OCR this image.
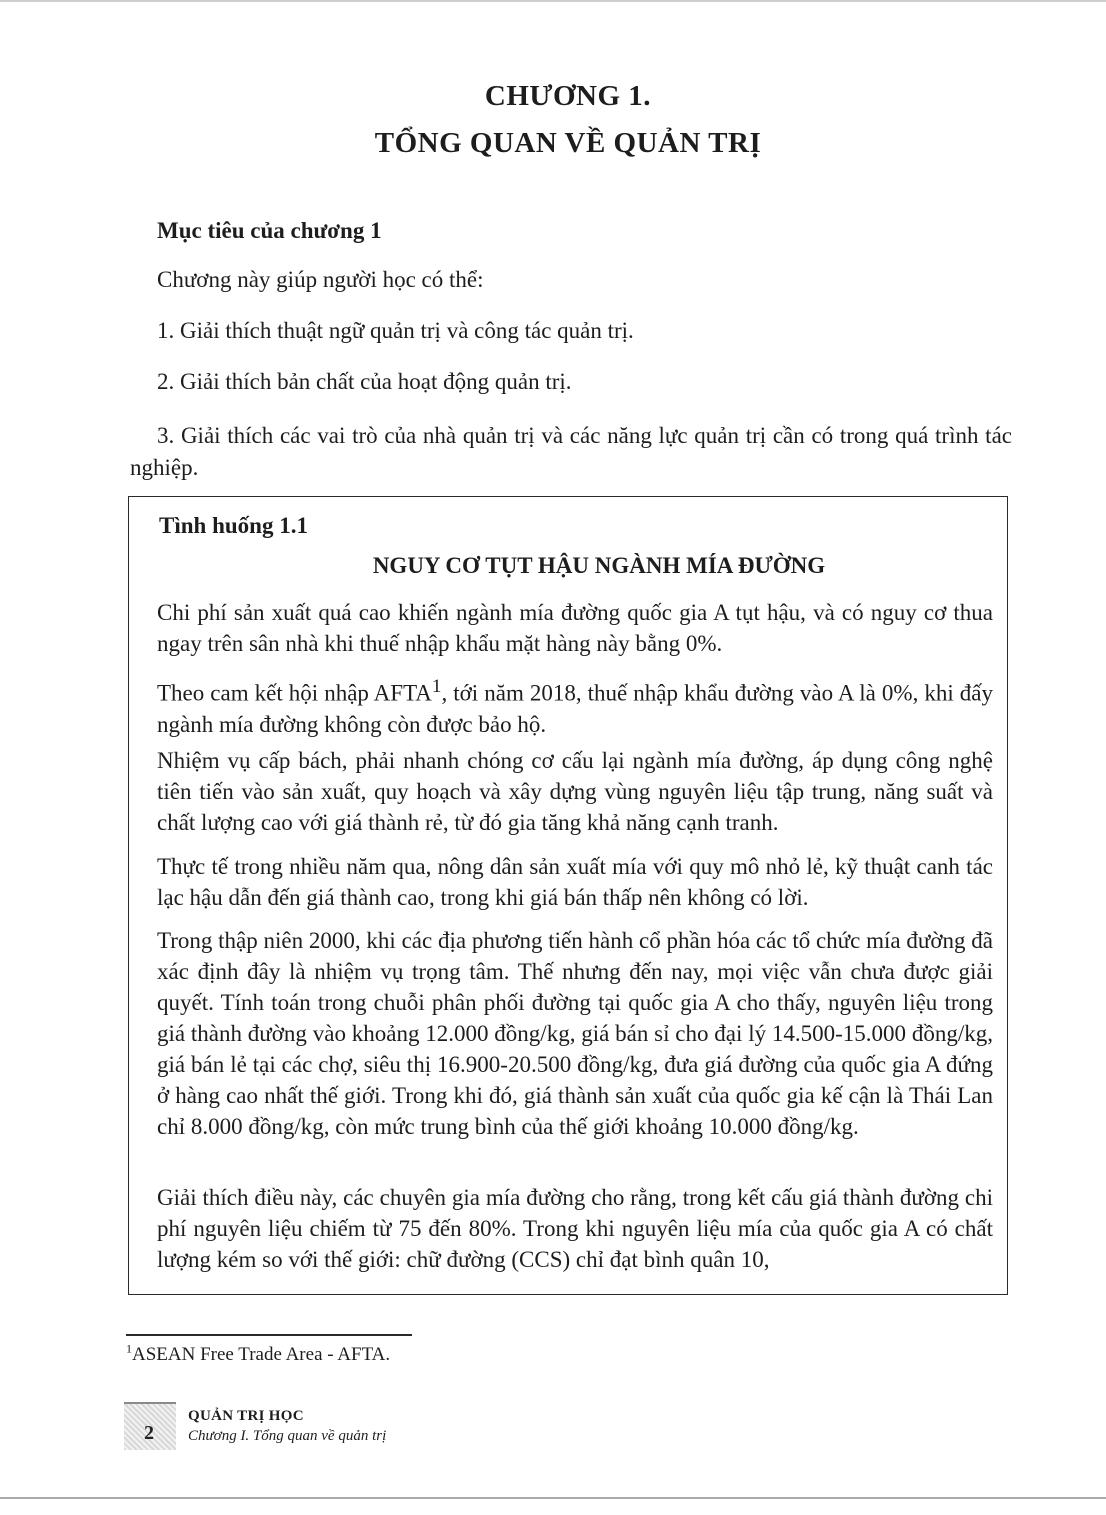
CHƯƠNG 1.
TỔNG QUAN VỀ QUẢN TRỊ
Mục tiêu của chương 1
Chương này giúp người học có thể:
1. Giải thích thuật ngữ quản trị và công tác quản trị.
2. Giải thích bản chất của hoạt động quản trị.
3. Giải thích các vai trò của nhà quản trị và các năng lực quản trị cần có trong quá trình tác nghiệp.
Tình huống 1.1
NGUY CƠ TỤT HẬU NGÀNH MÍA ĐƯỜNG

Chi phí sản xuất quá cao khiến ngành mía đường quốc gia A tụt hậu, và có nguy cơ thua ngay trên sân nhà khi thuế nhập khẩu mặt hàng này bằng 0%.

Theo cam kết hội nhập AFTA$^1$, tới năm 2018, thuế nhập khẩu đường vào A là 0%, khi đấy ngành mía đường không còn được bảo hộ.

Nhiệm vụ cấp bách, phải nhanh chóng cơ cấu lại ngành mía đường, áp dụng công nghệ tiên tiến vào sản xuất, quy hoạch và xây dựng vùng nguyên liệu tập trung, năng suất và chất lượng cao với giá thành rẻ, từ đó gia tăng khả năng cạnh tranh.

Thực tế trong nhiều năm qua, nông dân sản xuất mía với quy mô nhỏ lẻ, kỹ thuật canh tác lạc hậu dẫn đến giá thành cao, trong khi giá bán thấp nên không có lời.

Trong thập niên 2000, khi các địa phương tiến hành cổ phần hóa các tổ chức mía đường đã xác định đây là nhiệm vụ trọng tâm. Thế nhưng đến nay, mọi việc vẫn chưa được giải quyết. Tính toán trong chuỗi phân phối đường tại quốc gia A cho thấy, nguyên liệu trong giá thành đường vào khoảng 12.000 đồng/kg, giá bán sỉ cho đại lý 14.500-15.000 đồng/kg, giá bán lẻ tại các chợ, siêu thị 16.900-20.500 đồng/kg, đưa giá đường của quốc gia A đứng ở hàng cao nhất thế giới. Trong khi đó, giá thành sản xuất của quốc gia kế cận là Thái Lan chỉ 8.000 đồng/kg, còn mức trung bình của thế giới khoảng 10.000 đồng/kg.

Giải thích điều này, các chuyên gia mía đường cho rằng, trong kết cấu giá thành đường chi phí nguyên liệu chiếm từ 75 đến 80%. Trong khi nguyên liệu mía của quốc gia A có chất lượng kém so với thế giới: chữ đường (CCS) chỉ đạt bình quân 10,

$^1$ASEAN Free Trade Area - AFTA.
2
QUẢN TRỊ HỌC
Chương I. Tổng quan về quản trị
